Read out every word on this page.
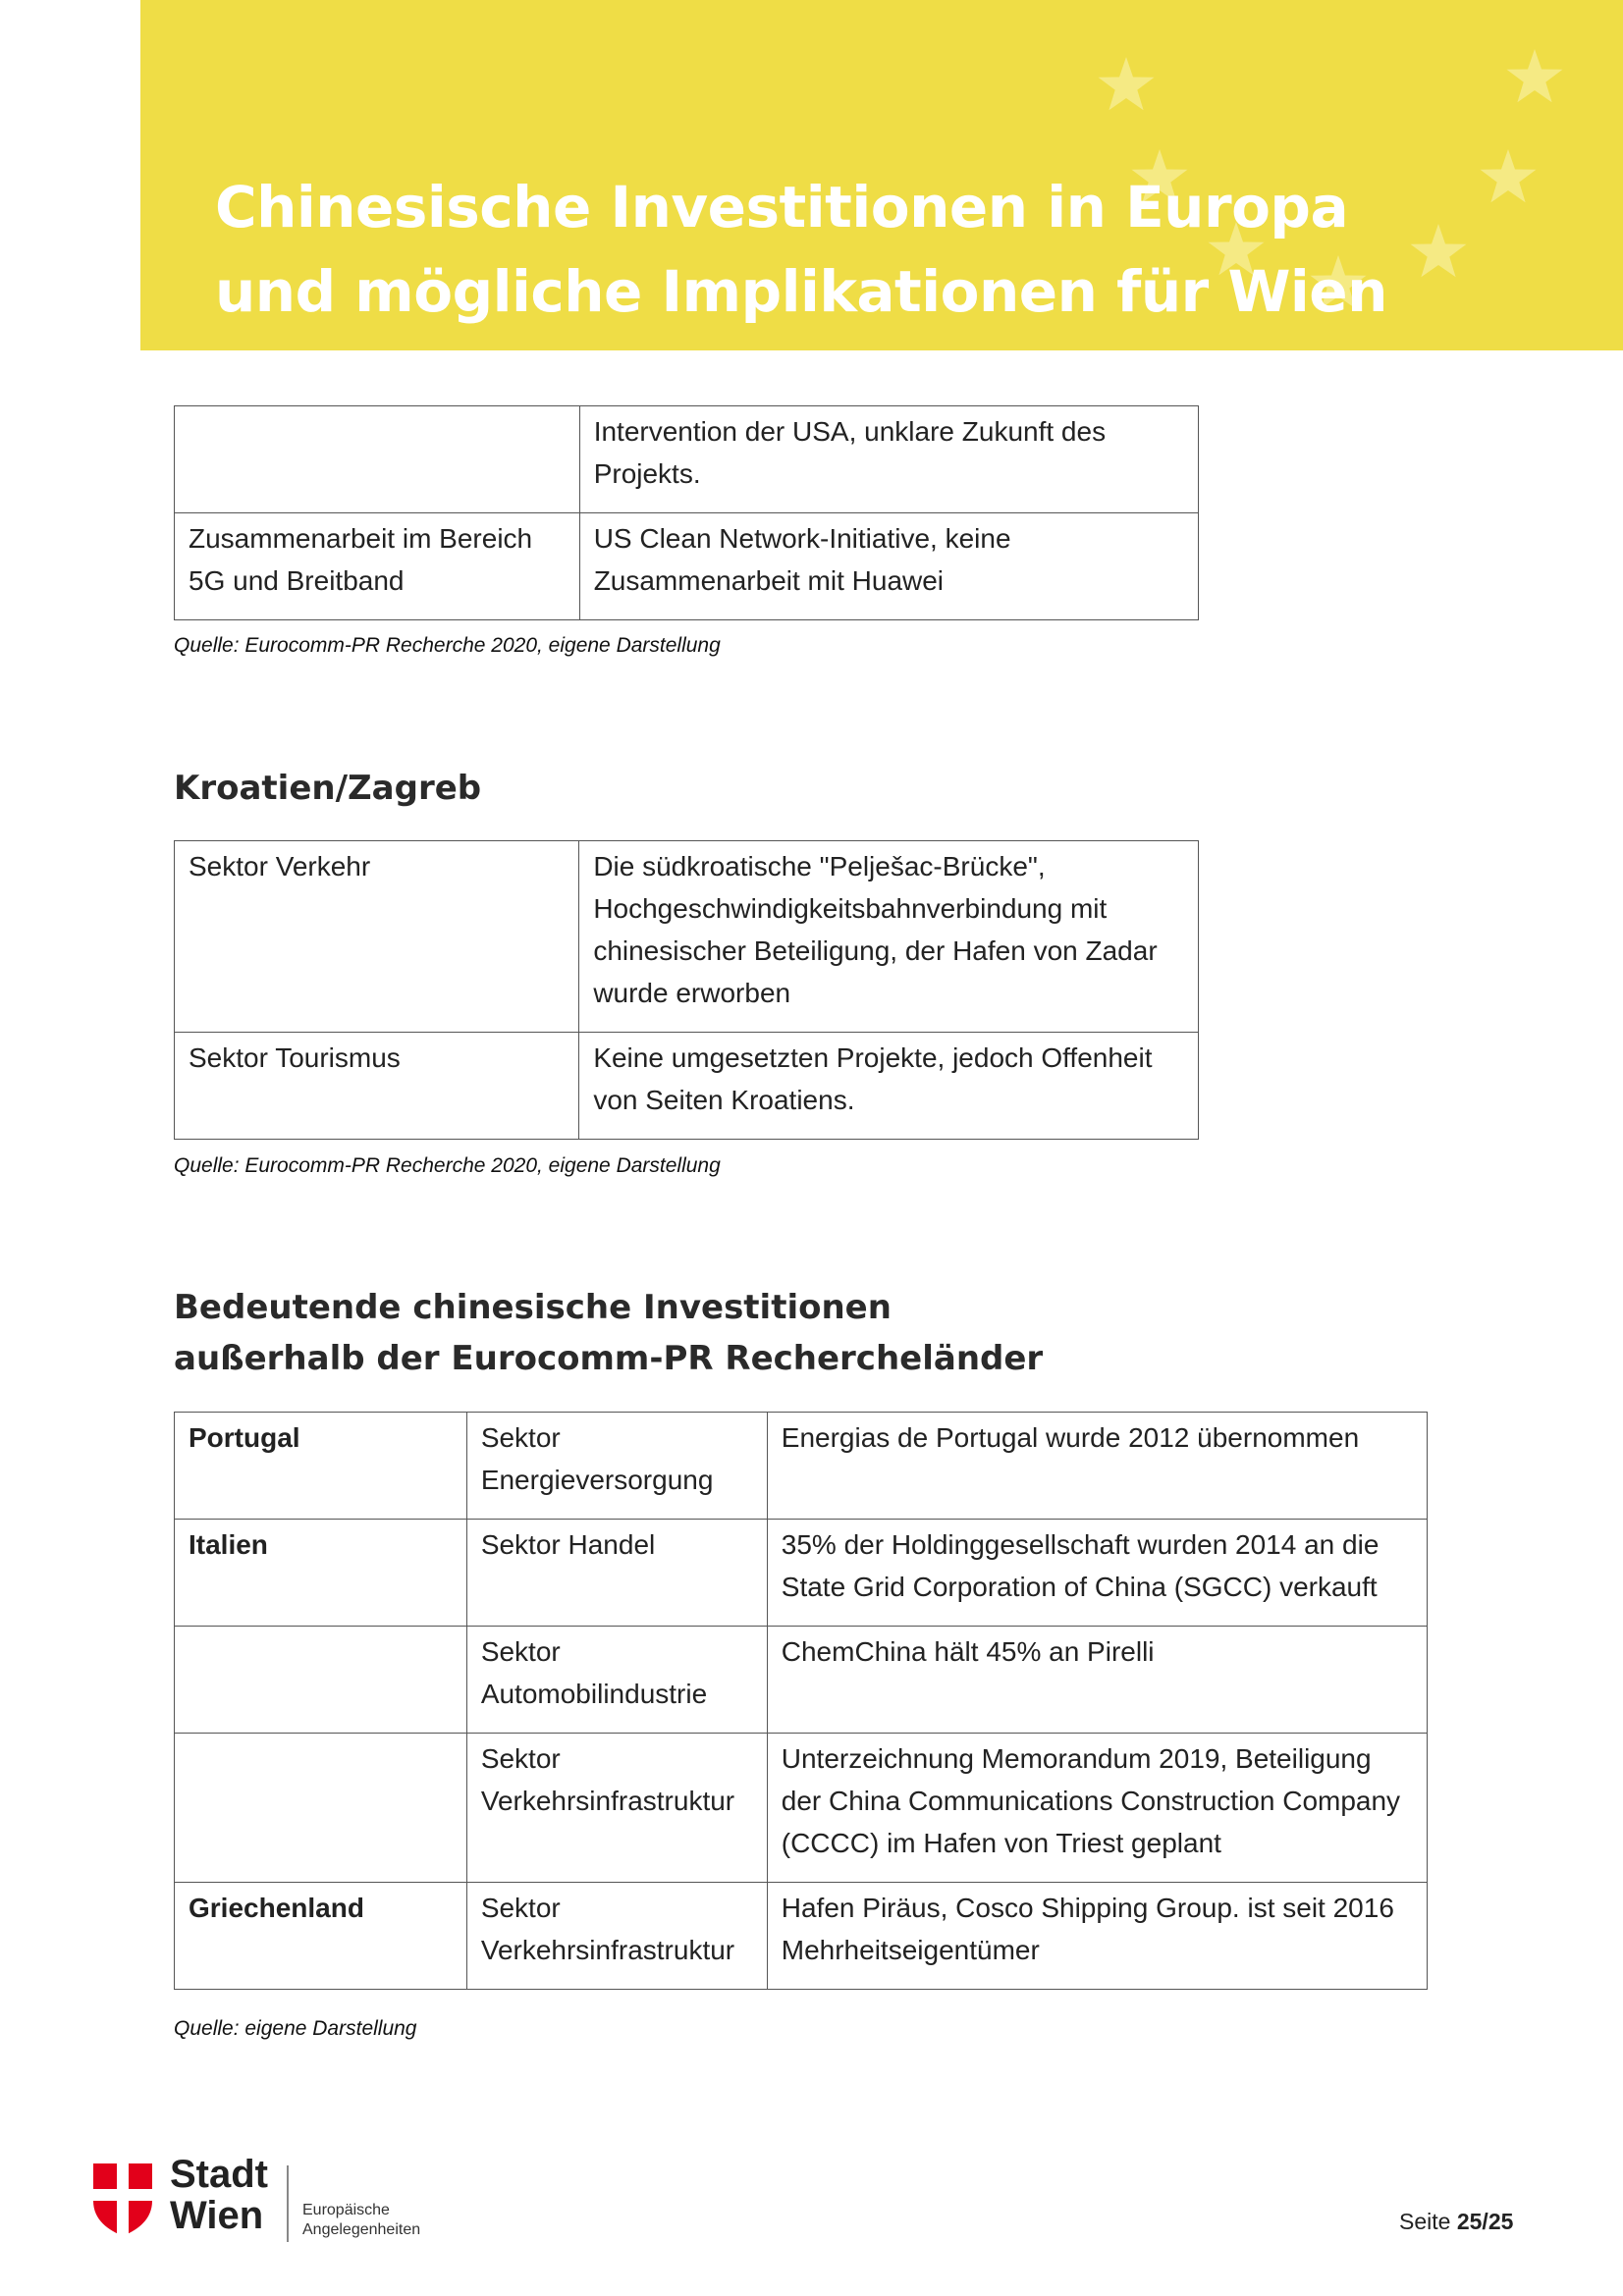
Chinesische Investitionen in Europa
und mögliche Implikationen für Wien
	Intervention der USA, unklare Zukunft des Projekts.
Zusammenarbeit im Bereich 5G und Breitband	US Clean Network-Initiative, keine Zusammenarbeit mit Huawei
Quelle: Eurocomm-PR Recherche 2020, eigene Darstellung
Kroatien/Zagreb
Sektor Verkehr	Die südkroatische "Pelješac-Brücke", Hochgeschwindigkeitsbahnverbindung mit chinesischer Beteiligung, der Hafen von Zadar wurde erworben
Sektor Tourismus	Keine umgesetzten Projekte, jedoch Offenheit von Seiten Kroatiens.
Quelle: Eurocomm-PR Recherche 2020, eigene Darstellung
Bedeutende chinesische Investitionen
außerhalb der Eurocomm-PR Rechercheländer
Portugal	Sektor Energieversorgung	Energias de Portugal wurde 2012 übernommen
Italien	Sektor Handel	35% der Holdinggesellschaft wurden 2014 an die State Grid Corporation of China (SGCC) verkauft
	Sektor Automobilindustrie	ChemChina hält 45% an Pirelli
	Sektor Verkehrsinfrastruktur	Unterzeichnung Memorandum 2019, Beteiligung der China Communications Construction Company (CCCC) im Hafen von Triest geplant
Griechenland	Sektor Verkehrsinfrastruktur	Hafen Piräus, Cosco Shipping Group. ist seit 2016 Mehrheitseigentümer
Quelle: eigene Darstellung
Stadt
Wien Europäische
Angelegenheiten	Seite 25/25
